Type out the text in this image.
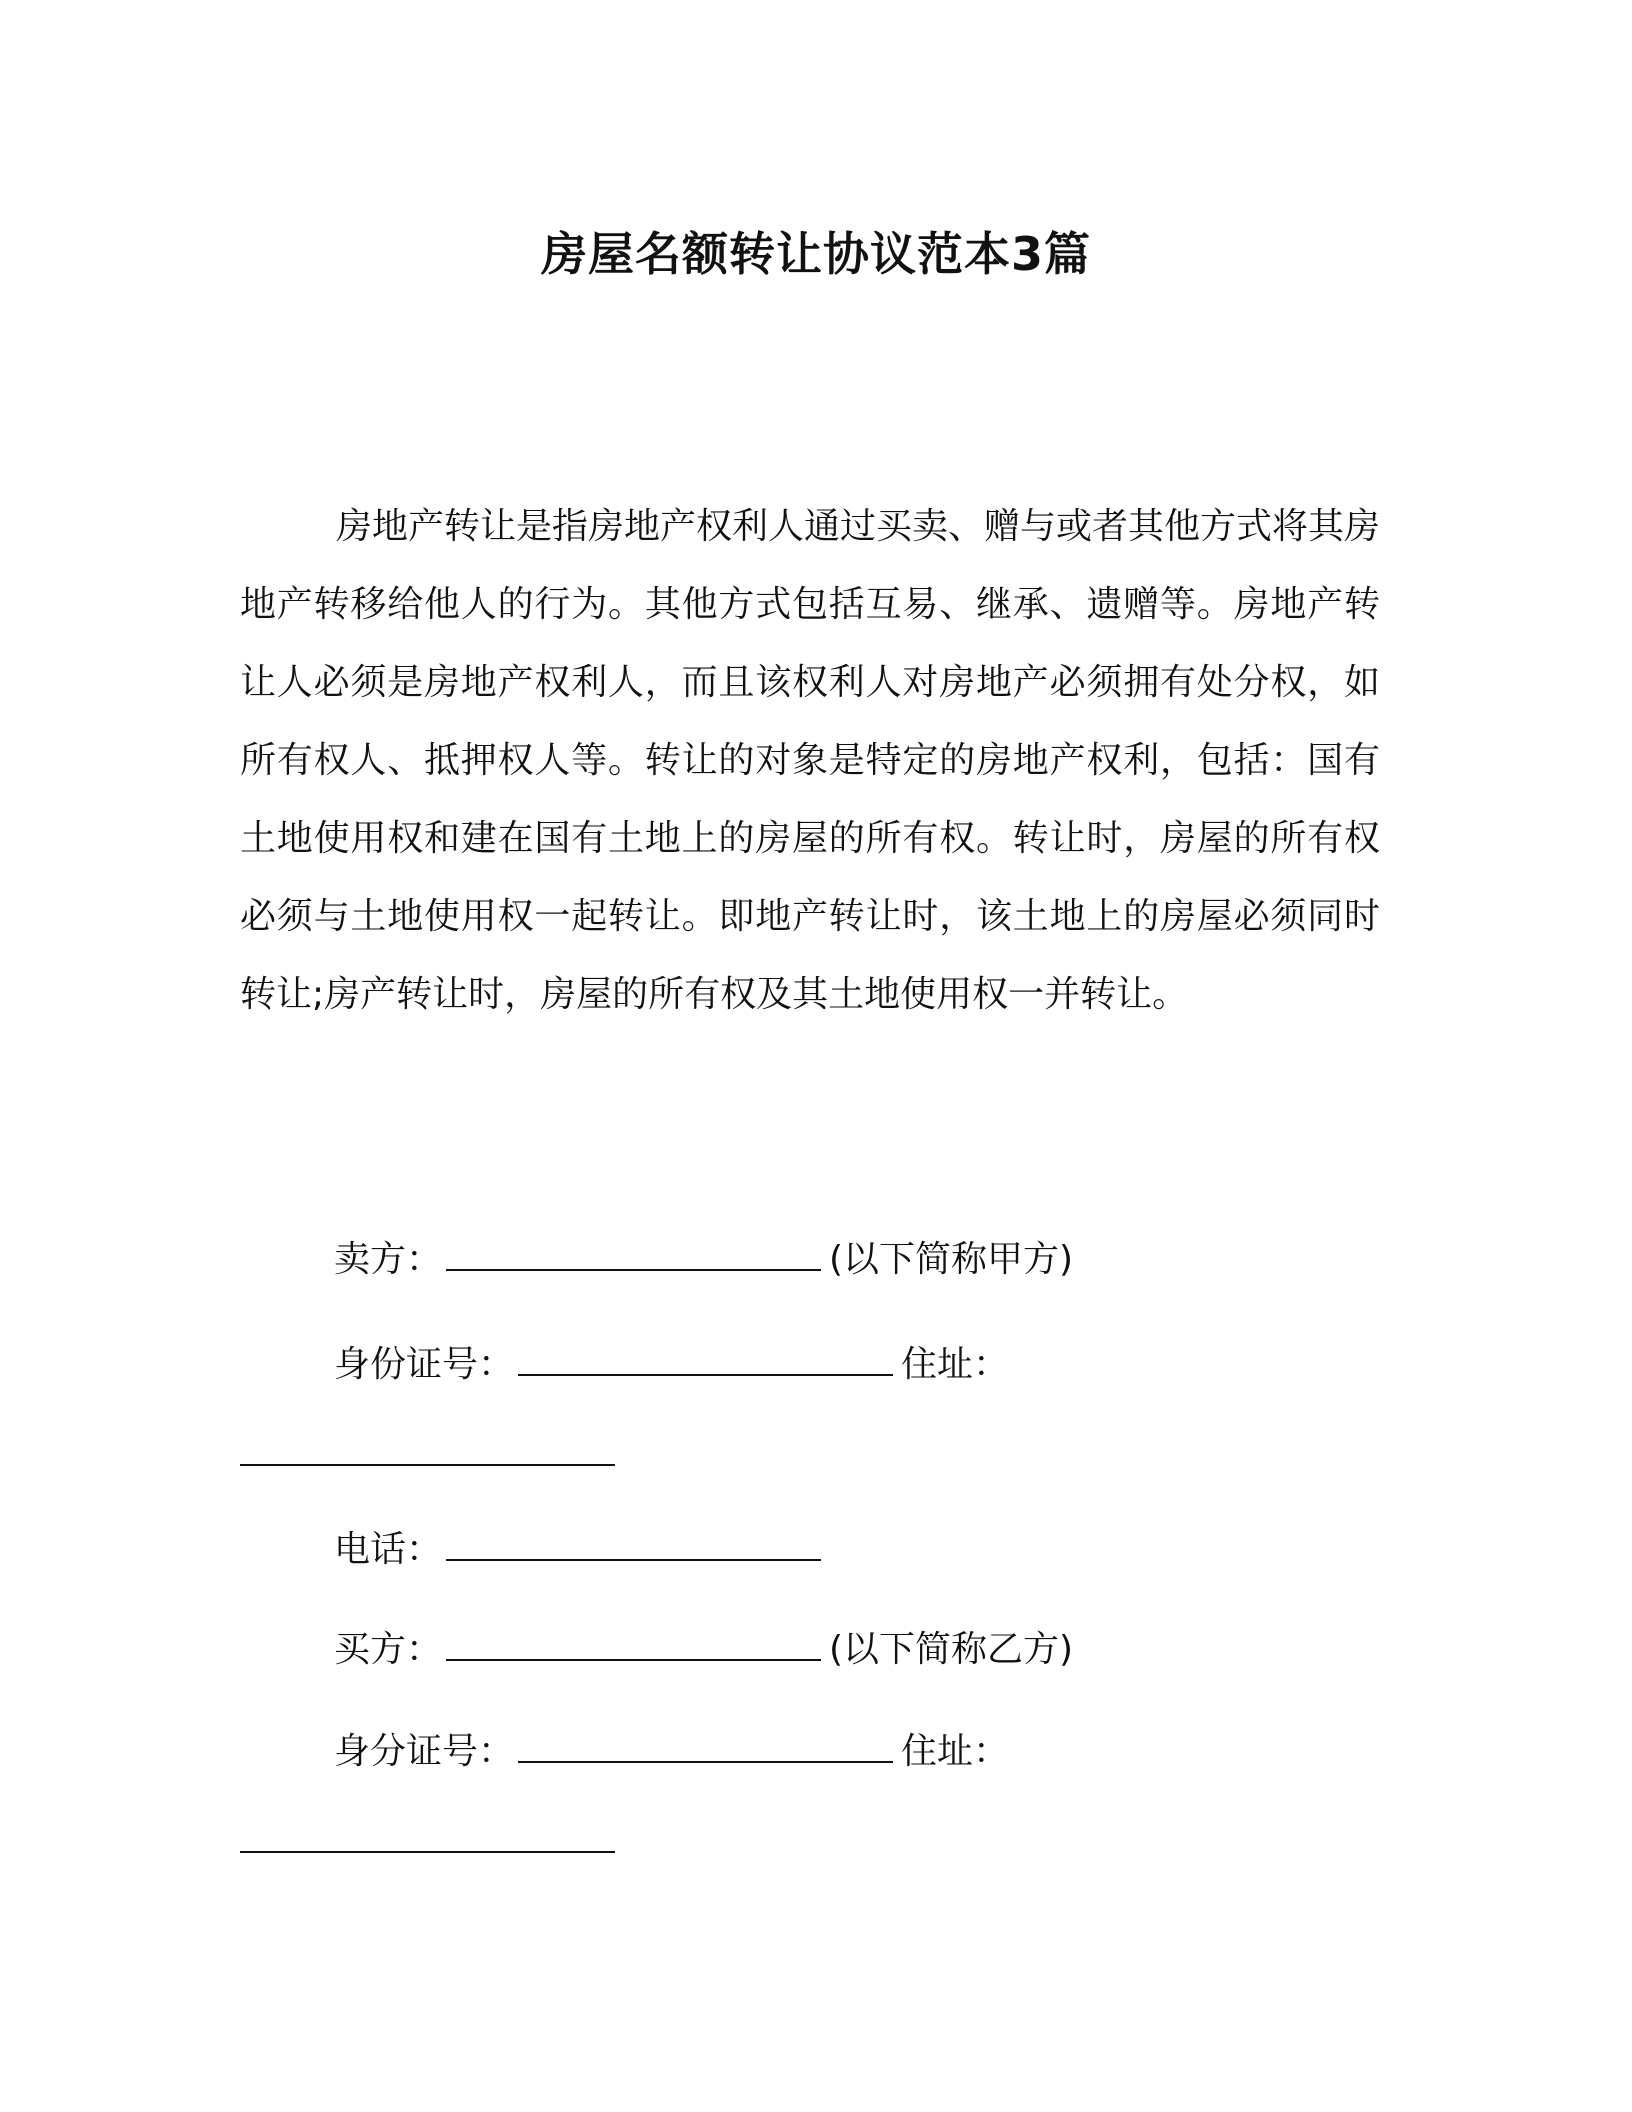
房屋名额转让协议范本3篇

房地产转让是指房地产权利人通过买卖、赠与或者其他方式将其房地产转移给他人的行为。其他方式包括互易、继承、遗赠等。房地产转让人必须是房地产权利人，而且该权利人对房地产必须拥有处分权，如所有权人、抵押权人等。转让的对象是特定的房地产权利，包括：国有土地使用权和建在国有土地上的房屋的所有权。转让时，房屋的所有权必须与土地使用权一起转让。即地产转让时，该土地上的房屋必须同时转让;房产转让时，房屋的所有权及其土地使用权一并转让。

卖方：	(以下简称甲方)
身份证号：	住址：
电话：
买方：	(以下简称乙方)
身分证号：	住址：
